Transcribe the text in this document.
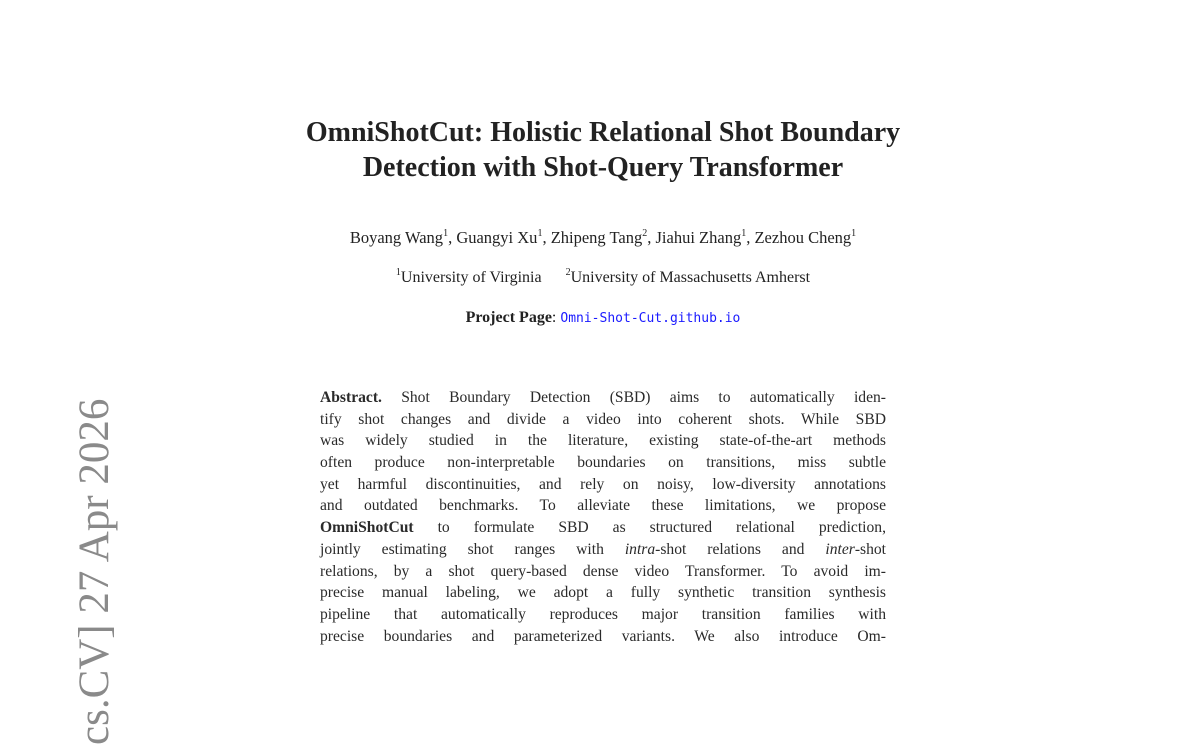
cs.CV] 27 Apr 2026
OmniShotCut: Holistic Relational Shot Boundary
Detection with Shot-Query Transformer
Boyang Wang$^1$, Guangyi Xu$^1$, Zhipeng Tang$^2$, Jiahui Zhang$^1$, Zezhou Cheng$^1$
$^1$University of Virginia $^2$University of Massachusetts Amherst
Project Page: Omni-Shot-Cut.github.io
Abstract. Shot Boundary Detection (SBD) aims to automatically iden-
tify shot changes and divide a video into coherent shots. While SBD
was widely studied in the literature, existing state-of-the-art methods
often produce non-interpretable boundaries on transitions, miss subtle
yet harmful discontinuities, and rely on noisy, low-diversity annotations
and outdated benchmarks. To alleviate these limitations, we propose
OmniShotCut to formulate SBD as structured relational prediction,
jointly estimating shot ranges with intra-shot relations and inter-shot
relations, by a shot query-based dense video Transformer. To avoid im-
precise manual labeling, we adopt a fully synthetic transition synthesis
pipeline that automatically reproduces major transition families with
precise boundaries and parameterized variants. We also introduce Om-
